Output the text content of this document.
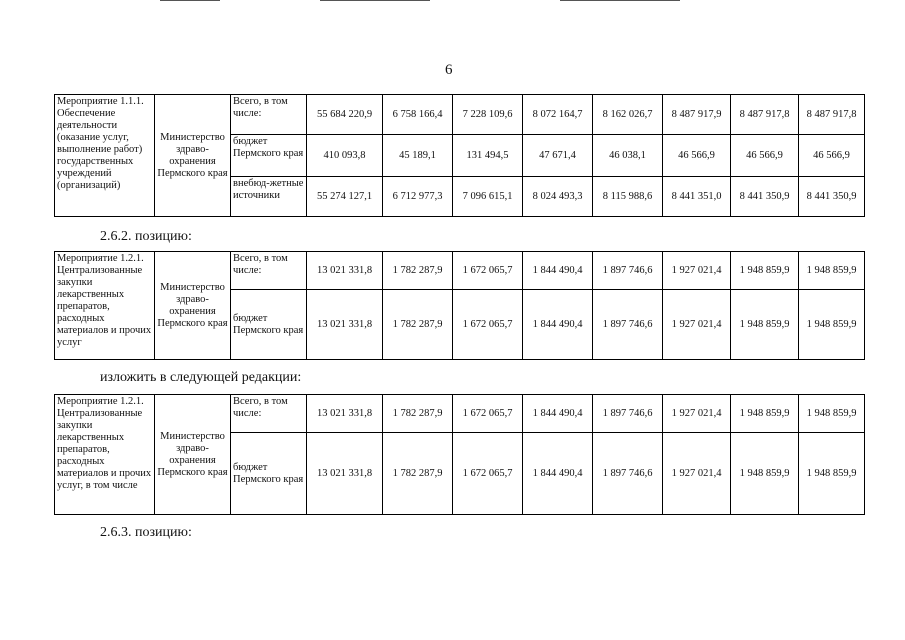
6
Мероприятие 1.1.1. Обеспечение деятельности (оказание услуг, выполнение работ) государственных учреждений (организаций)	Министерство здраво-охранения Пермского края	Всего, в том числе:	55 684 220,9	6 758 166,4	7 228 109,6	8 072 164,7	8 162 026,7	8 487 917,9	8 487 917,8	8 487 917,8
		бюджет Пермского края	410 093,8	45 189,1	131 494,5	47 671,4	46 038,1	46 566,9	46 566,9	46 566,9
		внебюд-жетные источники	55 274 127,1	6 712 977,3	7 096 615,1	8 024 493,3	8 115 988,6	8 441 351,0	8 441 350,9	8 441 350,9
2.6.2. позицию:
Мероприятие 1.2.1. Централизованные закупки лекарственных препаратов, расходных материалов и прочих услуг	Министерство здраво-охранения Пермского края	Всего, в том числе:	13 021 331,8	1 782 287,9	1 672 065,7	1 844 490,4	1 897 746,6	1 927 021,4	1 948 859,9	1 948 859,9
		бюджет Пермского края	13 021 331,8	1 782 287,9	1 672 065,7	1 844 490,4	1 897 746,6	1 927 021,4	1 948 859,9	1 948 859,9
изложить в следующей редакции:
Мероприятие 1.2.1. Централизованные закупки лекарственных препаратов, расходных материалов и прочих услуг, в том числе	Министерство здраво-охранения Пермского края	Всего, в том числе:	13 021 331,8	1 782 287,9	1 672 065,7	1 844 490,4	1 897 746,6	1 927 021,4	1 948 859,9	1 948 859,9
		бюджет Пермского края	13 021 331,8	1 782 287,9	1 672 065,7	1 844 490,4	1 897 746,6	1 927 021,4	1 948 859,9	1 948 859,9
2.6.3. позицию:
